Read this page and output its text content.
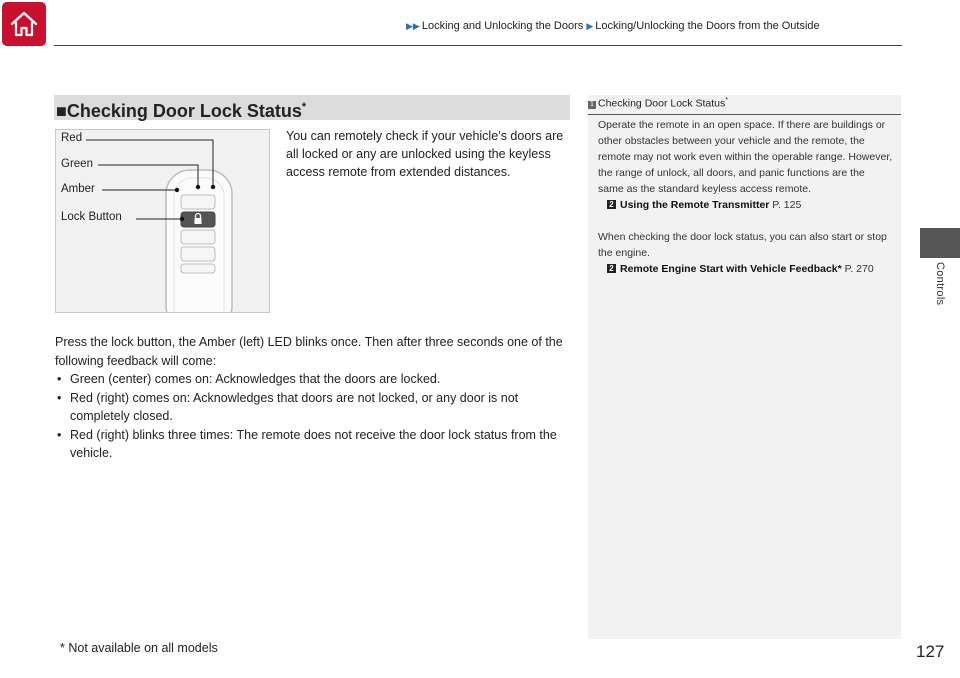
▶▶ Locking and Unlocking the Doors ▶ Locking/Unlocking the Doors from the Outside
Controls
■Checking Door Lock Status*
Red
Green
Amber
Lock Button
You can remotely check if your vehicle’s doors are all locked or any are unlocked using the keyless access remote from extended distances.
Press the lock button, the Amber (left) LED blinks once. Then after three seconds one of the following feedback will come:
• Green (center) comes on: Acknowledges that the doors are locked.
• Red (right) comes on: Acknowledges that doors are not locked, or any door is not completely closed.
• Red (right) blinks three times: The remote does not receive the door lock status from the vehicle.
1 Checking Door Lock Status*
Operate the remote in an open space. If there are buildings or other obstacles between your vehicle and the remote, the remote may not work even within the operable range. However, the range of unlock, all doors, and panic functions are the same as the standard keyless access remote.
2 Using the Remote Transmitter P. 125
When checking the door lock status, you can also start or stop the engine.
2 Remote Engine Start with Vehicle Feedback* P. 270
* Not available on all models	127
